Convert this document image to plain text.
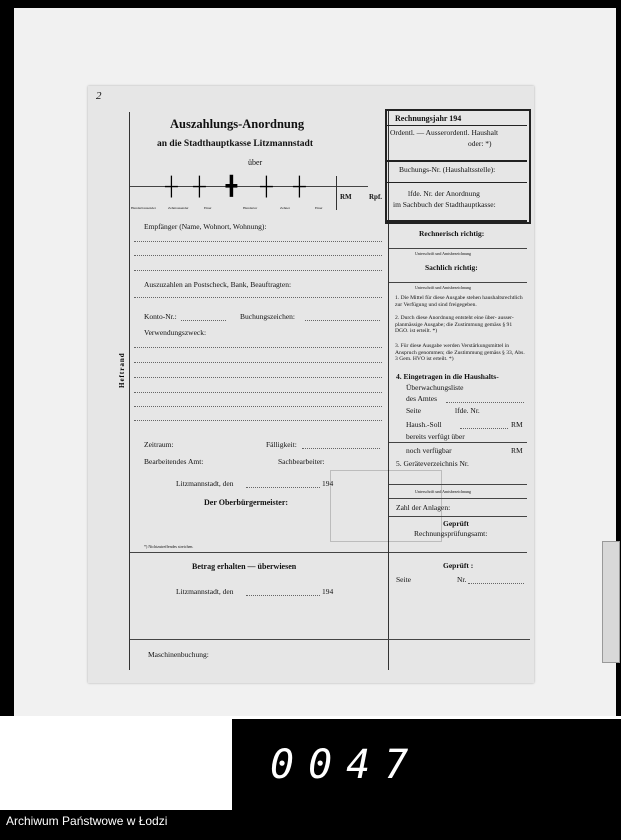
2
Auszahlungs-Anordnung
an die Stadthauptkasse Litzmannstadt
über
┼ ┼ ╋ ┼ ┼
Hunderttausender	Zehntausender	Einer	Hunderter	Zehner	Einer
RM Rpf.
Rechnungsjahr 194
Ordentl. — Ausserordentl. Haushalt
oder: *)
Buchungs-Nr. (Haushaltsstelle):
lfde. Nr. der Anordnung
im Sachbuch der Stadthauptkasse:
Empfänger (Name, Wohnort, Wohnung):
Auszuzahlen an Postscheck, Bank, Beauftragten:
Konto-Nr.:	Buchungszeichen:
Verwendungszweck:
Heftrand
Zeitraum:	Fälligkeit:
Bearbeitendes Amt:	Sachbearbeiter:
Litzmannstadt, den	194
Der Oberbürgermeister:
*) Nichtzutreffendes streichen.
Betrag erhalten — überwiesen
Litzmannstadt, den	194
Maschinenbuchung:
Rechnerisch richtig:
Unterschrift und Amtsbezeichnung
Sachlich richtig:
Unterschrift und Amtsbezeichnung
1. Die Mittel für diese Ausgabe stehen haushaltsrechtlich zur Verfügung und sind freigegeben.
2. Durch diese Anordnung entsteht eine über- ausser- planmässige Ausgabe; die Zustimmung gemäss § 91 DGO. ist erteilt. *)
3. Für diese Ausgabe werden Verstärkungsmittel in Anspruch genommen; die Zustimmung gemäss § 33, Abs. 3 Gem. HVO ist erteilt. *)
4. Eingetragen in die Haushalts-
Überwachungsliste
des Amtes
Seite	lfde. Nr.
Haush.-Soll	RM
bereits verfügt über
noch verfügbar	RM
5. Geräteverzeichnis Nr.
Unterschrift und Amtsbezeichnung
Zahl der Anlagen:
Geprüft
Rechnungsprüfungsamt:
Geprüft :
Seite	Nr.
0047
Archiwum Państwowe w Łodzi
